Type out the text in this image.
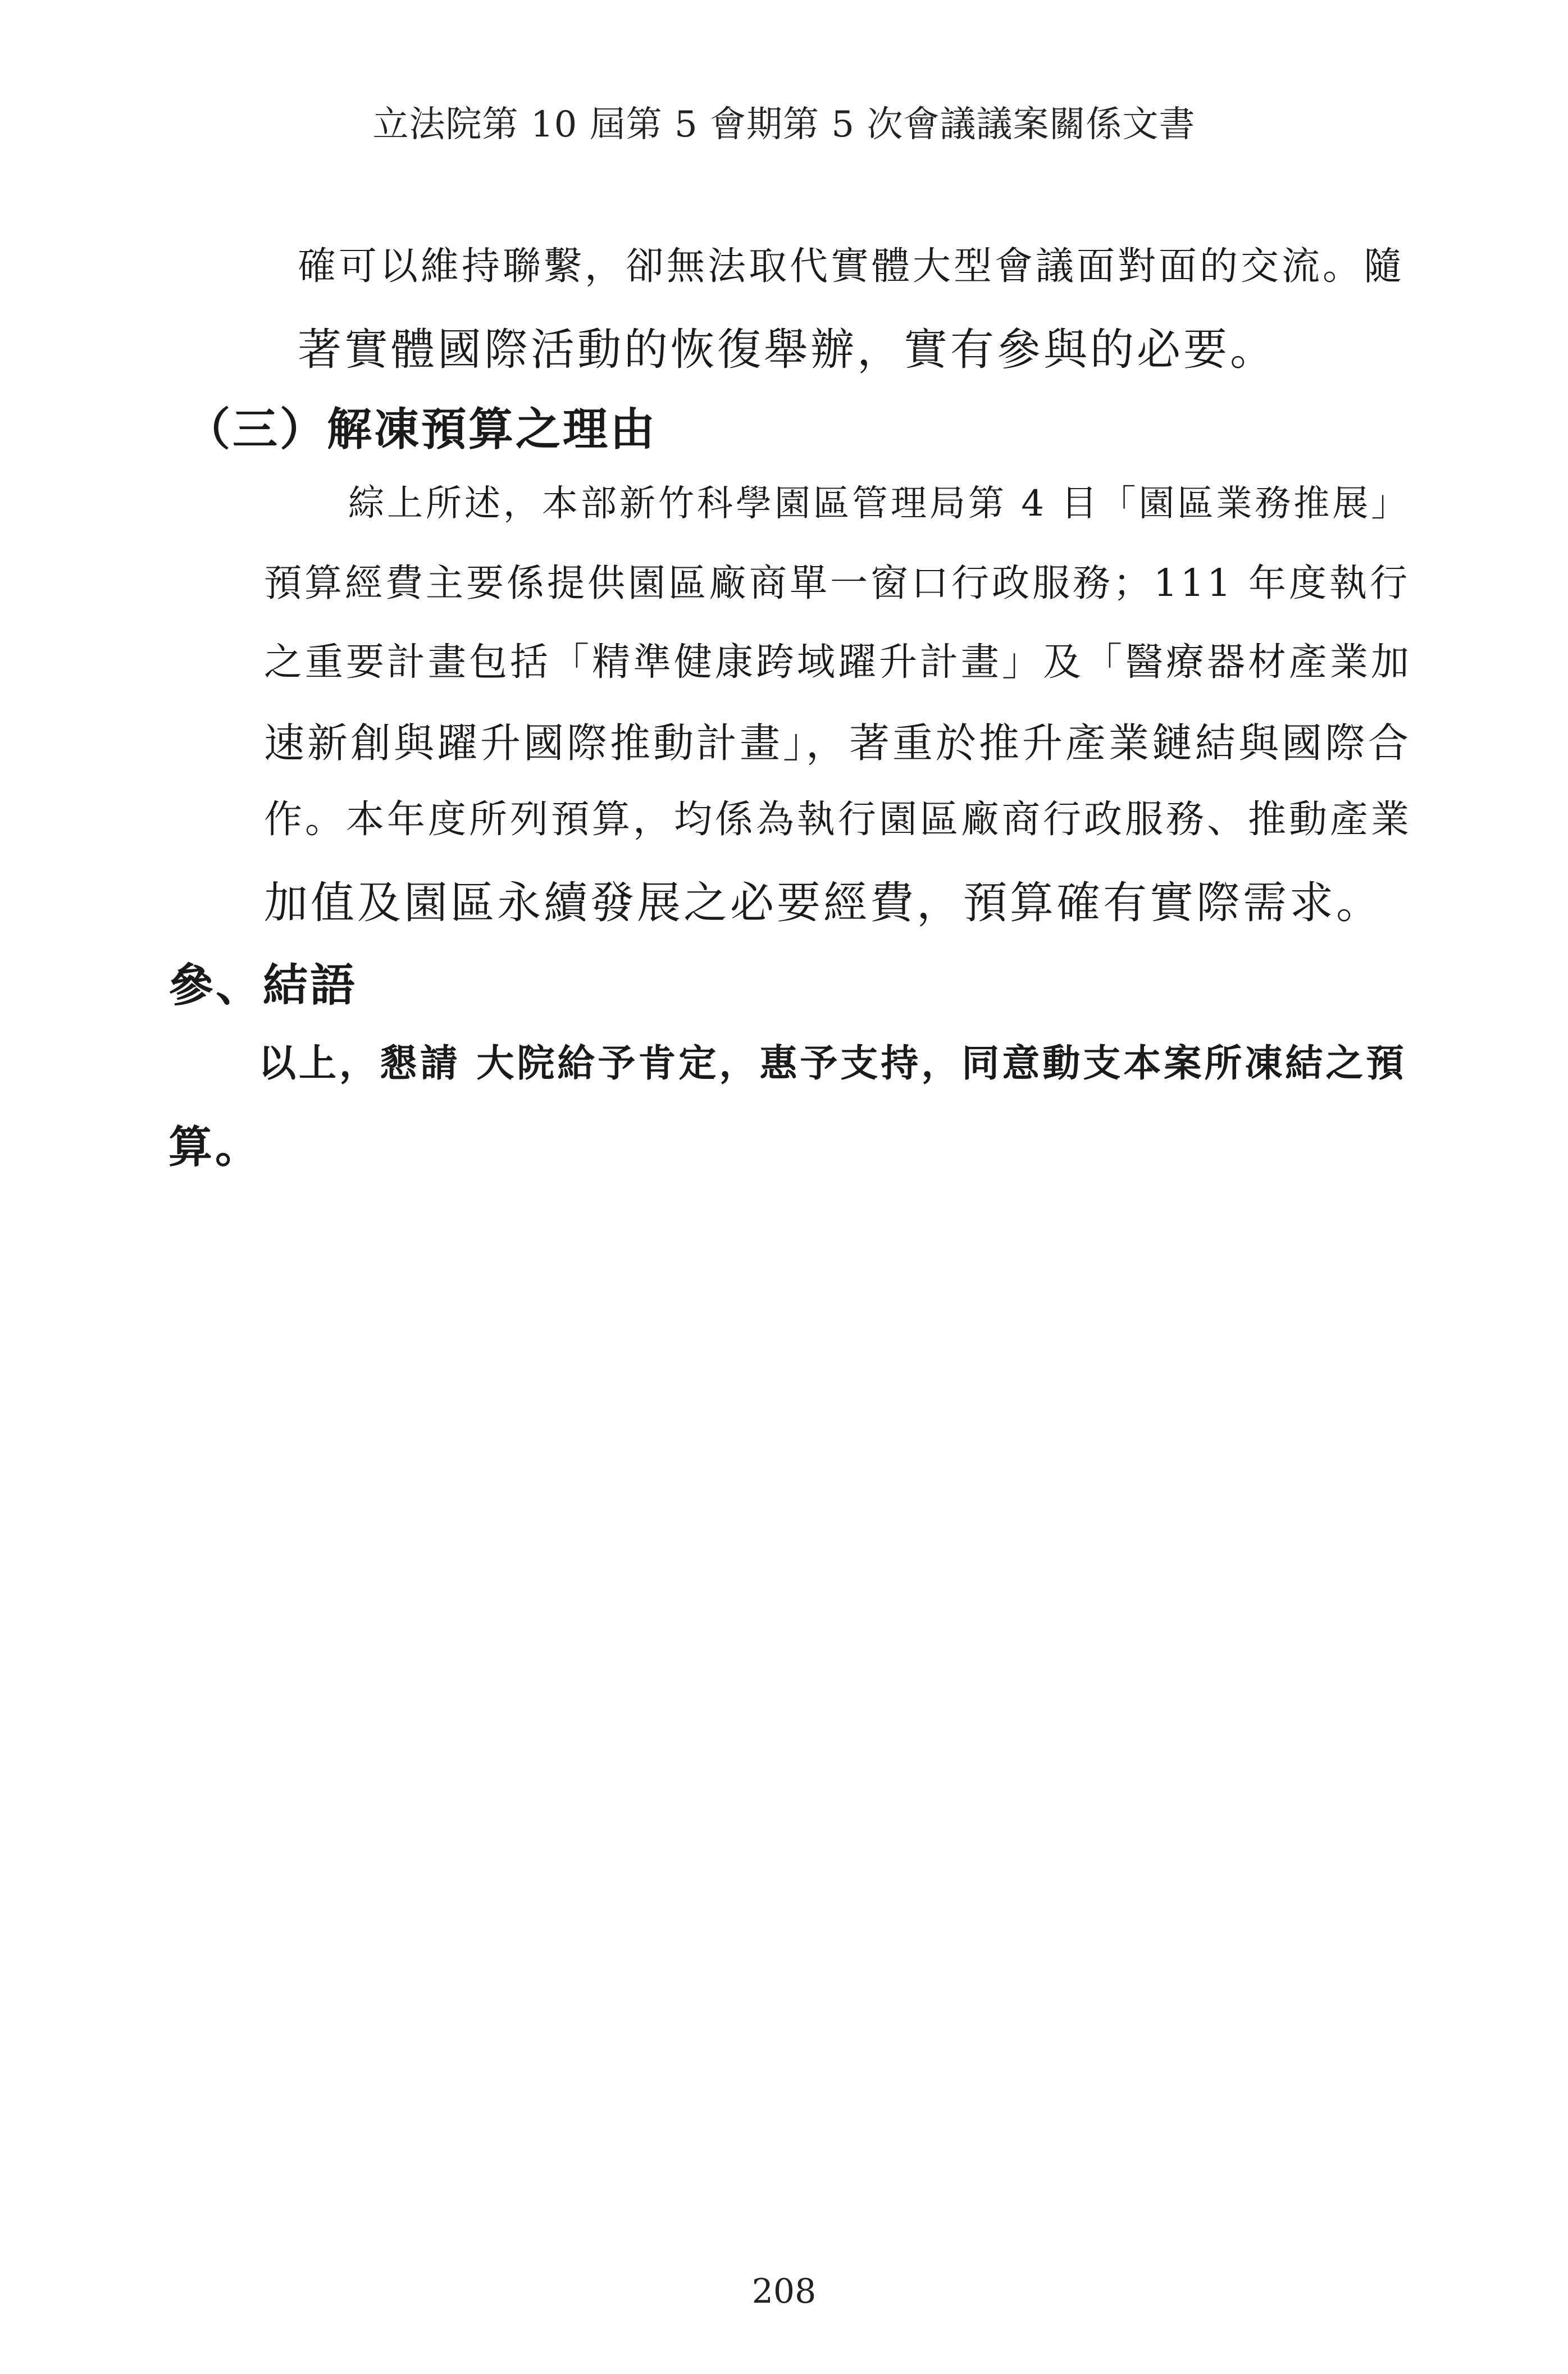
立法院第 10 屆第 5 會期第 5 次會議議案關係文書
確可以維持聯繫，卻無法取代實體大型會議面對面的交流。隨
著實體國際活動的恢復舉辦，實有參與的必要。
（三）解凍預算之理由
綜上所述，本部新竹科學園區管理局第 4 目「園區業務推展」
預算經費主要係提供園區廠商單一窗口行政服務；111 年度執行
之重要計畫包括「精準健康跨域躍升計畫」及「醫療器材產業加
速新創與躍升國際推動計畫」，著重於推升產業鏈結與國際合
作。本年度所列預算，均係為執行園區廠商行政服務、推動產業
加值及園區永續發展之必要經費，預算確有實際需求。
參、結語
以上，懇請 大院給予肯定，惠予支持，同意動支本案所凍結之預
算。
208
